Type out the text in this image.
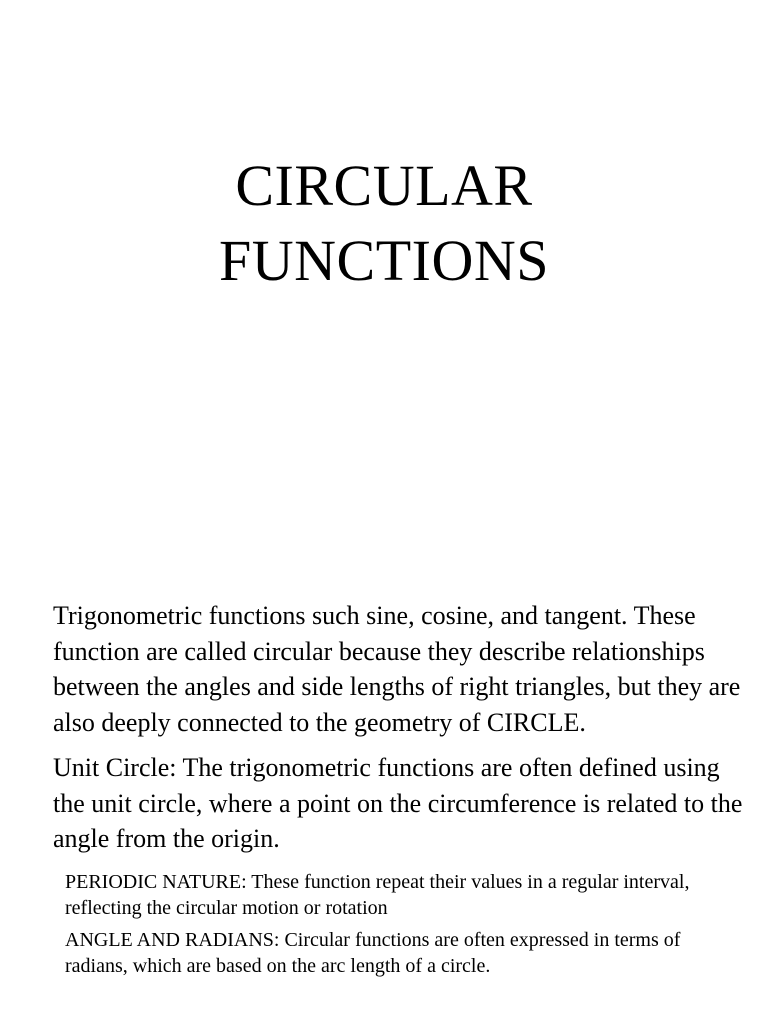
CIRCULAR
FUNCTIONS

Trigonometric functions such sine, cosine, and tangent. These function are called circular because they describe relationships between the angles and side lengths of right triangles, but they are also deeply connected to the geometry of CIRCLE.

Unit Circle: The trigonometric functions are often defined using the unit circle, where a point on the circumference is related to the angle from the origin.

PERIODIC NATURE: These function repeat their values in a regular interval, reflecting the circular motion or rotation

ANGLE AND RADIANS: Circular functions are often expressed in terms of radians, which are based on the arc length of a circle.
